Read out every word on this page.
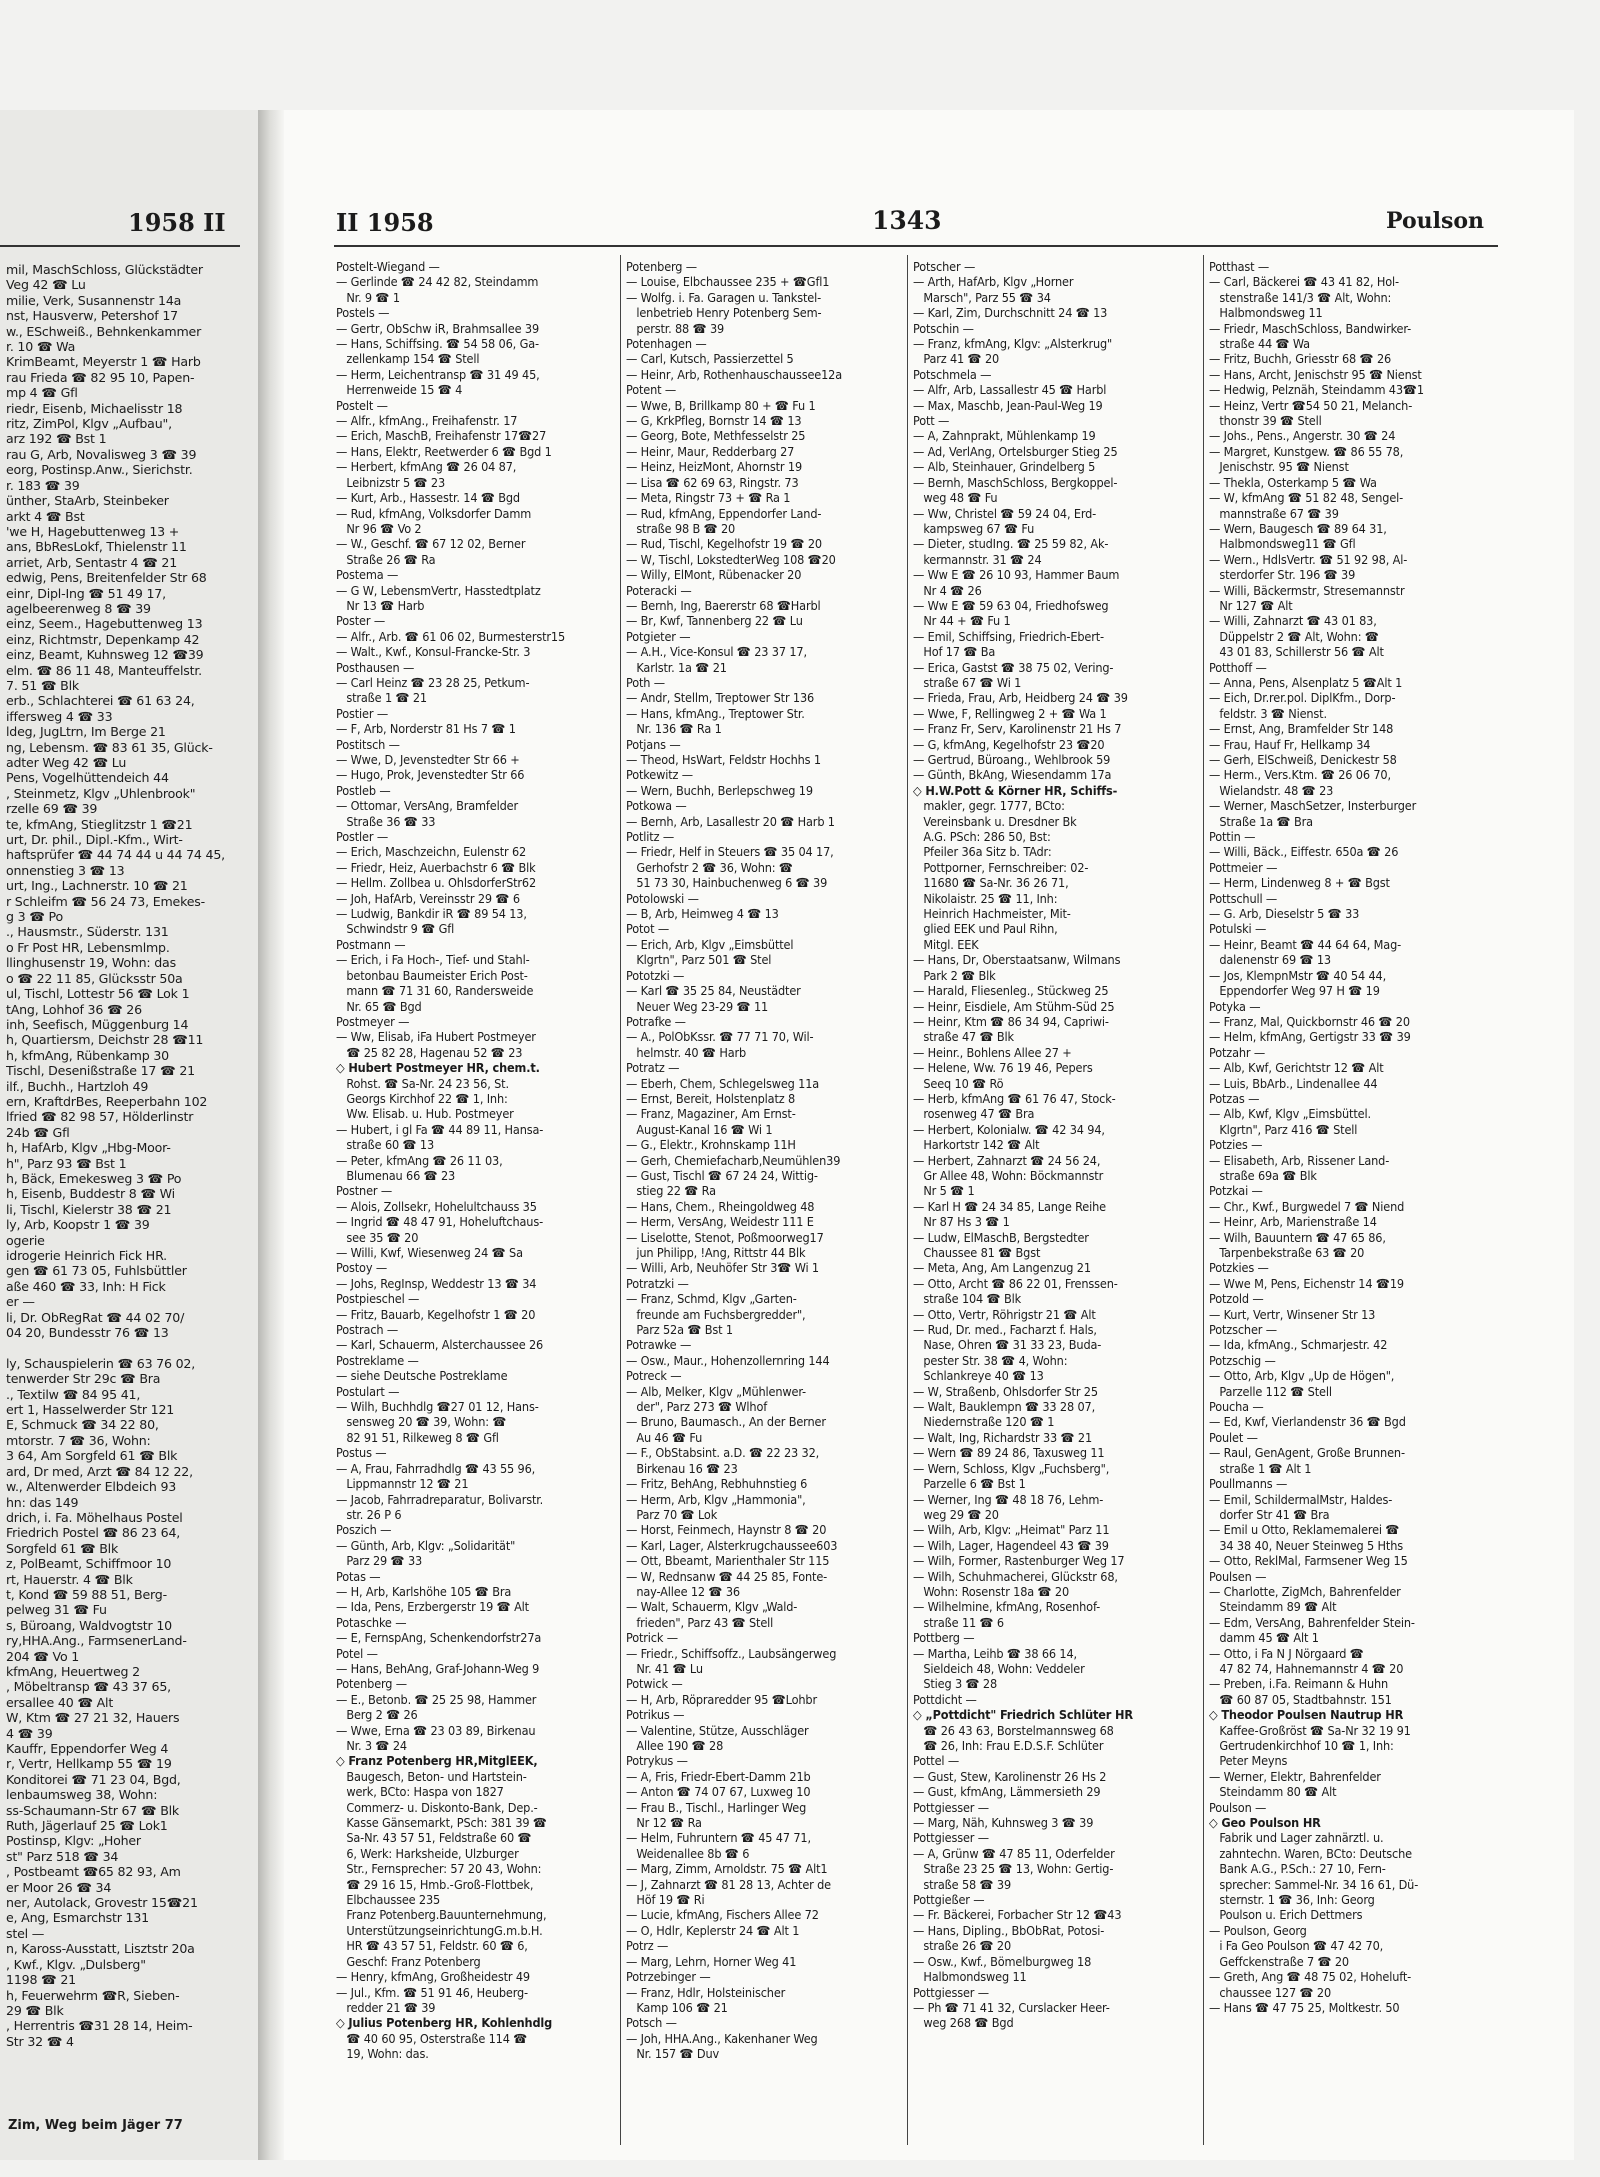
1958 II
mil, MaschSchloss, Glückstädter
Veg 42 ☎ Lu
milie, Verk, Susannenstr 14a
nst, Hausverw, Petershof 17
w., ESchweiß., Behnkenkammer
r. 10 ☎ Wa
KrimBeamt, Meyerstr 1 ☎ Harb
rau Frieda ☎ 82 95 10, Papen-
mp 4 ☎ Gfl
riedr, Eisenb, Michaelisstr 18
ritz, ZimPol, Klgv „Aufbau",
arz 192 ☎ Bst 1
rau G, Arb, Novalisweg 3 ☎ 39
eorg, Postinsp.Anw., Sierichstr.
r. 183 ☎ 39
ünther, StaArb, Steinbeker
arkt 4 ☎ Bst
'we H, Hagebuttenweg 13 +
ans, BbResLokf, Thielenstr 11
arriet, Arb, Sentastr 4 ☎ 21
edwig, Pens, Breitenfelder Str 68
einr, Dipl-Ing ☎ 51 49 17,
agelbeerenweg 8 ☎ 39
einz, Seem., Hagebuttenweg 13
einz, Richtmstr, Depenkamp 42
einz, Beamt, Kuhnsweg 12 ☎39
elm. ☎ 86 11 48, Manteuffelstr.
7. 51 ☎ Blk
erb., Schlachterei ☎ 61 63 24,
ifferswеg 4 ☎ 33
ldeg, JugLtrn, Im Berge 21
ng, Lebensm. ☎ 83 61 35, Glück-
adter Weg 42 ☎ Lu
Pens, Vogelhüttendeich 44
, Steinmetz, Klgv „Uhlenbrook"
rzelle 69 ☎ 39
te, kfmAng, Stieglitzstr 1 ☎21
urt, Dr. phil., Dipl.-Kfm., Wirt-
haftsprüfer ☎ 44 74 44 u 44 74 45,
onnenstieg 3 ☎ 13
urt, Ing., Lachnerstr. 10 ☎ 21
r Schleifm ☎ 56 24 73, Emekes-
g 3 ☎ Po
., Hausmstr., Süderstr. 131
o Fr Post HR, Lebensmlmp.
llinghusenstr 19, Wohn: das
o ☎ 22 11 85, Glücksstr 50a
ul, Tischl, Lottestr 56 ☎ Lok 1
tAng, Lohhof 36 ☎ 26
inh, Seefisch, Müggenburg 14
h, Quartiersm, Deichstr 28 ☎11
h, kfmAng, Rübenkamp 30
Tischl, Desenißstraße 17 ☎ 21
ilf., Buchh., Hartzloh 49
ern, KraftdrBes, Reeperbahn 102
lfried ☎ 82 98 57, Hölderlinstr
24b ☎ Gfl
h, HafArb, Klgv „Hbg-Moor-
h", Parz 93 ☎ Bst 1
h, Bäck, Emekesweg 3 ☎ Po
h, Eisenb, Buddestr 8 ☎ Wi
li, Tischl, Kielerstr 38 ☎ 21
ly, Arb, Koopstr 1 ☎ 39
ogerie
idrogerie Heinrich Fick HR.
gen ☎ 61 73 05, Fuhlsbüttler
aße 460 ☎ 33, Inh: H Fick
er —
li, Dr. ObRegRat ☎ 44 02 70/
04 20, Bundesstr 76 ☎ 13

ly, Schauspielerin ☎ 63 76 02,
tenwerder Str 29c ☎ Bra
., Textilw ☎ 84 95 41,
ert 1, Hasselwerder Str 121
E, Schmuck ☎ 34 22 80,
mtorstr. 7 ☎ 36, Wohn:
3 64, Am Sorgfeld 61 ☎ Blk
ard, Dr med, Arzt ☎ 84 12 22,
w., Altenwerder Elbdeich 93
hn: das 149
drich, i. Fa. Möhelhaus Postel
Friedrich Postel ☎ 86 23 64,
Sorgfeld 61 ☎ Blk
z, PolBeamt, Schiffmoor 10
rt, Hauerstr. 4 ☎ Blk
t, Kond ☎ 59 88 51, Berg-
pelweg 31 ☎ Fu
s, Büroang, Waldvogtstr 10
ry,HHA.Ang., FarmsenerLand-
204 ☎ Vo 1
kfmAng, Heuertweg 2
, Möbeltransp ☎ 43 37 65,
ersallee 40 ☎ Alt
W, Ktm ☎ 27 21 32, Hauers
4 ☎ 39
Kauffr, Eppendorfer Weg 4
r, Vertr, Hellkamp 55 ☎ 19
Konditorei ☎ 71 23 04, Bgd,
lenbaumsweg 38, Wohn:
ss-Schaumann-Str 67 ☎ Blk
Ruth, Jägerlauf 25 ☎ Lok1
Postinsp, Klgv: „Hoher
st" Parz 518 ☎ 34
, Postbeamt ☎65 82 93, Am
er Moor 26 ☎ 34
ner, Autolack, Grovestr 15☎21
e, Ang, Esmarchstr 131
stel —
n, Kaross-Ausstatt, Lisztstr 20a
, Kwf., Klgv. „Dulsberg"
1198 ☎ 21
h, Feuerwehrm ☎R, Sieben-
29 ☎ Blk
, Herrentris ☎31 28 14, Heim-
Str 32 ☎ 4
Zim, Weg beim Jäger 77
II 1958	1343	Poulson
Postelt-Wiegand —
— Gerlinde ☎ 24 42 82, Steindamm
Nr. 9 ☎ 1
Postels —
— Gertr, ObSchw iR, Brahmsallee 39
— Hans, Schiffsing. ☎ 54 58 06, Ga-
zellenkamp 154 ☎ Stell
— Herm, Leichentransp ☎ 31 49 45,
Herrenweide 15 ☎ 4
Postelt —
— Alfr., kfmAng., Freihafenstr. 17
— Erich, MaschB, Freihafenstr 17☎27
— Hans, Elektr, Reetwerder 6 ☎ Bgd 1
— Herbert, kfmAng ☎ 26 04 87,
Leibnizstr 5 ☎ 23
— Kurt, Arb., Hassestr. 14 ☎ Bgd
— Rud, kfmAng, Volksdorfer Damm
Nr 96 ☎ Vo 2
— W., Geschf. ☎ 67 12 02, Berner
Straße 26 ☎ Ra
Postema —
— G W, LebensmVertr, Hasstedtplatz
Nr 13 ☎ Harb
Poster —
— Alfr., Arb. ☎ 61 06 02, Burmesterstr15
— Walt., Kwf., Konsul-Francke-Str. 3
Posthausen —
— Carl Heinz ☎ 23 28 25, Petkum-
straße 1 ☎ 21
Postier —
— F, Arb, Norderstr 81 Hs 7 ☎ 1
Postitsch —
— Wwe, D, Jevenstedter Str 66 +
— Hugo, Prok, Jevenstedter Str 66
Postleb —
— Ottomar, VersAng, Bramfelder
Straße 36 ☎ 33
Postler —
— Erich, Maschzeichn, Eulenstr 62
— Friedr, Heiz, Auerbachstr 6 ☎ Blk
— Hellm. Zollbea u. OhlsdorferStr62
— Joh, HafArb, Vereinsstr 29 ☎ 6
— Ludwig, Bankdir iR ☎ 89 54 13,
Schwindstr 9 ☎ Gfl
Postmann —
— Erich, i Fa Hoch-, Tief- und Stahl-
betonbau Baumeister Erich Post-
mann ☎ 71 31 60, Randersweide
Nr. 65 ☎ Bgd
Postmeyer —
— Ww, Elisab, iFa Hubert Postmeyer
☎ 25 82 28, Hagenau 52 ☎ 23
◇ Hubert Postmeyer HR, chem.t.
Rohst. ☎ Sa-Nr. 24 23 56, St.
Georgs Kirchhof 22 ☎ 1, Inh:
Ww. Elisab. u. Hub. Postmeyer
— Hubert, i gl Fa ☎ 44 89 11, Hansa-
straße 60 ☎ 13
— Peter, kfmAng ☎ 26 11 03,
Blumenau 66 ☎ 23
Postner —
— Alois, Zollsekr, Hohelultchauss 35
— Ingrid ☎ 48 47 91, Hoheluftchaus-
see 35 ☎ 20
— Willi, Kwf, Wiesenweg 24 ☎ Sa
Postoy —
— Johs, RegInsp, Weddestr 13 ☎ 34
Postpieschel —
— Fritz, Bauarb, Kegelhofstr 1 ☎ 20
Postrach —
— Karl, Schauerm, Alsterchaussee 26
Postreklame —
— siehe Deutsche Postreklame
Postulart —
— Wilh, Buchhdlg ☎27 01 12, Hans-
sensweg 20 ☎ 39, Wohn: ☎
82 91 51, Rilkeweg 8 ☎ Gfl
Postus —
— A, Frau, Fahrradhdlg ☎ 43 55 96,
Lippmannstr 12 ☎ 21
— Jacob, Fahrradreparatur, Bolivarstr.
str. 26 P 6
Poszich —
— Günth, Arb, Klgv: „Solidarität"
Parz 29 ☎ 33
Potas —
— H, Arb, Karlshöhe 105 ☎ Bra
— Ida, Pens, Erzbergerstr 19 ☎ Alt
Potaschke —
— E, FernspAng, Schenkendorfstr27a
Potel —
— Hans, BehAng, Graf-Johann-Weg 9
Potenberg —
— E., Betonb. ☎ 25 25 98, Hammer
Berg 2 ☎ 26
— Wwe, Erna ☎ 23 03 89, Birkenau
Nr. 3 ☎ 24
◇ Franz Potenberg HR,MitglEEK,
Baugesch, Beton- und Hartstein-
werk, BCto: Haspa von 1827
Commerz- u. Diskonto-Bank, Dep.-
Kasse Gänsemarkt, PSch: 381 39 ☎
Sa-Nr. 43 57 51, Feldstraße 60 ☎
6, Werk: Harksheide, Ulzburger
Str., Fernsprecher: 57 20 43, Wohn:
☎ 29 16 15, Hmb.-Groß-Flottbek,
Elbchaussee 235
Franz Potenberg.Bauunternehmung,
UnterstützungseinrichtungG.m.b.H.
HR ☎ 43 57 51, Feldstr. 60 ☎ 6,
Geschf: Franz Potenberg
— Henry, kfmAng, Großheidestr 49
— Jul., Kfm. ☎ 51 91 46, Heuberg-
redder 21 ☎ 39
◇ Julius Potenberg HR, Kohlenhdlg
☎ 40 60 95, Osterstraße 114 ☎
19, Wohn: das.
Potenberg —
— Louise, Elbchaussee 235 + ☎Gfl1
— Wolfg. i. Fa. Garagen u. Tankstel-
lenbetrieb Henry Potenberg Sem-
perstr. 88 ☎ 39
Potenhagen —
— Carl, Kutsch, Passierzettel 5
— Heinr, Arb, Rothenhauschaussee12a
Potent —
— Wwe, B, Brillkamp 80 + ☎ Fu 1
— G, KrkPfleg, Bornstr 14 ☎ 13
— Georg, Bote, Methfesselstr 25
— Heinr, Maur, Redderbarg 27
— Heinz, HeizMont, Ahornstr 19
— Lisa ☎ 62 69 63, Ringstr. 73
— Meta, Ringstr 73 + ☎ Ra 1
— Rud, kfmAng, Eppendorfer Land-
straße 98 B ☎ 20
— Rud, Tischl, Kegelhofstr 19 ☎ 20
— W, Tischl, LokstedterWeg 108 ☎20
— Willy, ElMont, Rübenacker 20
Poteracki —
— Bernh, Ing, Baererstr 68 ☎Harbl
— Br, Kwf, Tannenberg 22 ☎ Lu
Potgieter —
— A.H., Vice-Konsul ☎ 23 37 17,
Karlstr. 1a ☎ 21
Poth —
— Andr, Stellm, Treptower Str 136
— Hans, kfmAng., Treptower Str.
Nr. 136 ☎ Ra 1
Potjans —
— Theod, HsWart, Feldstr Hochhs 1
Potkewitz —
— Wern, Buchh, Berlepschweg 19
Potkowa —
— Bernh, Arb, Lasallestr 20 ☎ Harb 1
Potlitz —
— Friedr, Helf in Steuers ☎ 35 04 17,
Gerhofstr 2 ☎ 36, Wohn: ☎
51 73 30, Hainbuchenweg 6 ☎ 39
Potolowski —
— B, Arb, Heimweg 4 ☎ 13
Potot —
— Erich, Arb, Klgv „Eimsbüttel
Klgrtn", Parz 501 ☎ Stel
Pototzki —
— Karl ☎ 35 25 84, Neustädter
Neuer Weg 23-29 ☎ 11
Potrafke —
— A., PolObKssr. ☎ 77 71 70, Wil-
helmstr. 40 ☎ Harb
Potratz —
— Eberh, Chem, Schlegelsweg 11a
— Ernst, Bereit, Holstenplatz 8
— Franz, Magaziner, Am Ernst-
August-Kanal 16 ☎ Wi 1
— G., Elektr., Krohnskamp 11H
— Gerh, Chemiefacharb,Neumühlen39
— Gust, Tischl ☎ 67 24 24, Wittig-
stieg 22 ☎ Ra
— Hans, Chem., Rheingoldweg 48
— Herm, VersAng, Weidestr 111 E
— Liselotte, Stenot, Poßmoorweg17
jun Philipp, !Ang, Rittstr 44 Blk
— Willi, Arb, Neuhöfer Str 3☎ Wi 1
Potratzki —
— Franz, Schmd, Klgv „Garten-
freunde am Fuchsbergredder",
Parz 52a ☎ Bst 1
Potrawke —
— Osw., Maur., Hohenzollernring 144
Potreck —
— Alb, Melker, Klgv „Mühlenwer-
der", Parz 273 ☎ Wlhof
— Bruno, Baumasch., An der Berner
Au 46 ☎ Fu
— F., ObStabsint. a.D. ☎ 22 23 32,
Birkenau 16 ☎ 23
— Fritz, BehAng, Rebhuhnstieg 6
— Herm, Arb, Klgv „Hammonia",
Parz 70 ☎ Lok
— Horst, Feinmech, Haynstr 8 ☎ 20
— Karl, Lager, Alsterkrugchaussee603
— Ott, Bbeamt, Marienthaler Str 115
— W, Rednsanw ☎ 44 25 85, Fonte-
nay-Allee 12 ☎ 36
— Walt, Schauerm, Klgv „Wald-
frieden", Parz 43 ☎ Stell
Potrick —
— Friedr., Schiffsoffz., Laubsängerweg
Nr. 41 ☎ Lu
Potwick —
— H, Arb, Röpraredder 95 ☎Lohbr
Potrikus —
— Valentine, Stütze, Ausschläger
Allee 190 ☎ 28
Potrykus —
— A, Fris, Friedr-Ebert-Damm 21b
— Anton ☎ 74 07 67, Luxweg 10
— Frau B., Tischl., Harlinger Weg
Nr 12 ☎ Ra
— Helm, Fuhruntern ☎ 45 47 71,
Weidenallee 8b ☎ 6
— Marg, Zimm, Arnoldstr. 75 ☎ Alt1
— J, Zahnarzt ☎ 81 28 13, Achter de
Höf 19 ☎ Ri
— Lucie, kfmAng, Fischers Allee 72
— O, Hdlr, Keplerstr 24 ☎ Alt 1
Potrz —
— Marg, Lehrn, Horner Weg 41
Potrzebinger —
— Franz, Hdlr, Holsteinischer
Kamp 106 ☎ 21
Potsch —
— Joh, HHA.Ang., Kakenhaner Weg
Nr. 157 ☎ Duv
Potscher —
— Arth, HafArb, Klgv „Horner
Marsch", Parz 55 ☎ 34
— Karl, Zim, Durchschnitt 24 ☎ 13
Potschin —
— Franz, kfmAng, Klgv: „Alsterkrug"
Parz 41 ☎ 20
Potschmela —
— Alfr, Arb, Lassallestr 45 ☎ Harbl
— Max, Maschb, Jean-Paul-Weg 19
Pott —
— A, Zahnprakt, Mühlenkamp 19
— Ad, VerlAng, Ortelsburger Stieg 25
— Alb, Steinhauer, Grindelberg 5
— Bernh, MaschSchloss, Bergkoppel-
weg 48 ☎ Fu
— Ww, Christel ☎ 59 24 04, Erd-
kampsweg 67 ☎ Fu
— Dieter, studIng. ☎ 25 59 82, Ak-
kermannstr. 31 ☎ 24
— Ww E ☎ 26 10 93, Hammer Baum
Nr 4 ☎ 26
— Ww E ☎ 59 63 04, Friedhofsweg
Nr 44 + ☎ Fu 1
— Emil, Schiffsing, Friedrich-Ebert-
Hof 17 ☎ Ba
— Erica, Gastst ☎ 38 75 02, Vering-
straße 67 ☎ Wi 1
— Frieda, Frau, Arb, Heidberg 24 ☎ 39
— Wwe, F, Rellingweg 2 + ☎ Wa 1
— Franz Fr, Serv, Karolinenstr 21 Hs 7
— G, kfmAng, Kegelhofstr 23 ☎20
— Gertrud, Büroang., Wehlbrook 59
— Günth, BkAng, Wiesendamm 17a
◇ H.W.Pott & Körner HR, Schiffs-
makler, gegr. 1777, BCto:
Vereinsbank u. Dresdner Bk
A.G. PSch: 286 50, Bst:
Pfeiler 36a Sitz b. TAdr:
Pottporner, Fernschreiber: 02-
11680 ☎ Sa-Nr. 36 26 71,
Nikolaistr. 25 ☎ 11, Inh:
Heinrich Hachmeister, Mit-
glied EEK und Paul Rihn,
Mitgl. EEK
— Hans, Dr, Oberstaatsanw, Wilmans
Park 2 ☎ Blk
— Harald, Fliesenleg., Stückweg 25
— Heinr, Eisdiele, Am Stühm-Süd 25
— Heinr, Ktm ☎ 86 34 94, Capriwi-
straße 47 ☎ Blk
— Heinr., Bohlens Allee 27 +
— Helene, Ww. 76 19 46, Pepers
Seeq 10 ☎ Rö
— Herb, kfmAng ☎ 61 76 47, Stock-
rosenweg 47 ☎ Bra
— Herbert, Kolonialw. ☎ 42 34 94,
Harkortstr 142 ☎ Alt
— Herbert, Zahnarzt ☎ 24 56 24,
Gr Allee 48, Wohn: Böckmannstr
Nr 5 ☎ 1
— Karl H ☎ 24 34 85, Lange Reihe
Nr 87 Hs 3 ☎ 1
— Ludw, ElMaschB, Bergstedter
Chaussee 81 ☎ Bgst
— Meta, Ang, Am Langenzug 21
— Otto, Archt ☎ 86 22 01, Frenssen-
straße 104 ☎ Blk
— Otto, Vertr, Röhrigstr 21 ☎ Alt
— Rud, Dr. med., Facharzt f. Hals,
Nase, Ohren ☎ 31 33 23, Buda-
pester Str. 38 ☎ 4, Wohn:
Schlankreye 40 ☎ 13
— W, Straßenb, Ohlsdorfer Str 25
— Walt, Bauklempn ☎ 33 28 07,
Niedernstraße 120 ☎ 1
— Walt, Ing, Richardstr 33 ☎ 21
— Wern ☎ 89 24 86, Taxusweg 11
— Wern, Schloss, Klgv „Fuchsberg",
Parzelle 6 ☎ Bst 1
— Werner, Ing ☎ 48 18 76, Lehm-
weg 29 ☎ 20
— Wilh, Arb, Klgv: „Heimat" Parz 11
— Wilh, Lager, Hagendeel 43 ☎ 39
— Wilh, Former, Rastenburger Weg 17
— Wilh, Schuhmacherei, Glückstr 68,
Wohn: Rosenstr 18a ☎ 20
— Wilhelmine, kfmAng, Rosenhof-
straße 11 ☎ 6
Pottberg —
— Martha, Leihb ☎ 38 66 14,
Sieldeich 48, Wohn: Veddeler
Stieg 3 ☎ 28
Pottdicht —
◇ „Pottdicht" Friedrich Schlüter HR
☎ 26 43 63, Borstelmannsweg 68
☎ 26, Inh: Frau E.D.S.F. Schlüter
Pottel —
— Gust, Stew, Karolinenstr 26 Hs 2
— Gust, kfmAng, Lämmersieth 29
Pottgiesser —
— Marg, Näh, Kuhnsweg 3 ☎ 39
Pottgiesser —
— A, Grünw ☎ 47 85 11, Oderfelder
Straße 23 25 ☎ 13, Wohn: Gertig-
straße 58 ☎ 39
Pottgießer —
— Fr. Bäckerei, Forbacher Str 12 ☎43
— Hans, Dipling., BbObRat, Potosi-
straße 26 ☎ 20
— Osw., Kwf., Bömelburgweg 18
Halbmondsweg 11
Pottgiesser —
— Ph ☎ 71 41 32, Curslacker Heer-
weg 268 ☎ Bgd
Potthast —
— Carl, Bäckerei ☎ 43 41 82, Hol-
stenstraße 141/3 ☎ Alt, Wohn:
Halbmondsweg 11
— Friedr, MaschSchloss, Bandwirker-
straße 44 ☎ Wa
— Fritz, Buchh, Griesstr 68 ☎ 26
— Hans, Archt, Jenischstr 95 ☎ Nienst
— Hedwig, Pelznäh, Steindamm 43☎1
— Heinz, Vertr ☎54 50 21, Melanch-
thonstr 39 ☎ Stell
— Johs., Pens., Angerstr. 30 ☎ 24
— Margret, Kunstgew. ☎ 86 55 78,
Jenischstr. 95 ☎ Nienst
— Thekla, Osterkamp 5 ☎ Wa
— W, kfmAng ☎ 51 82 48, Sengel-
mannstraße 67 ☎ 39
— Wern, Baugesch ☎ 89 64 31,
Halbmondsweg11 ☎ Gfl
— Wern., HdlsVertr. ☎ 51 92 98, Al-
sterdorfer Str. 196 ☎ 39
— Willi, Bäckermstr, Stresemannstr
Nr 127 ☎ Alt
— Willi, Zahnarzt ☎ 43 01 83,
Düppelstr 2 ☎ Alt, Wohn: ☎
43 01 83, Schillerstr 56 ☎ Alt
Potthoff —
— Anna, Pens, Alsenplatz 5 ☎Alt 1
— Eich, Dr.rer.pol. DiplKfm., Dorp-
feldstr. 3 ☎ Nienst.
— Ernst, Ang, Bramfelder Str 148
— Frau, Hauf Fr, Hellkamp 34
— Gerh, ElSchweiß, Denickestr 58
— Herm., Vers.Ktm. ☎ 26 06 70,
Wielandstr. 48 ☎ 23
— Werner, MaschSetzer, Insterburger
Straße 1a ☎ Bra
Pottin —
— Willi, Bäck., Eiffestr. 650a ☎ 26
Pottmeier —
— Herm, Lindenweg 8 + ☎ Bgst
Pottschull —
— G. Arb, Dieselstr 5 ☎ 33
Potulski —
— Heinr, Beamt ☎ 44 64 64, Mag-
dalenenstr 69 ☎ 13
— Jos, KlempnMstr ☎ 40 54 44,
Eppendorfer Weg 97 H ☎ 19
Potyka —
— Franz, Mal, Quickbornstr 46 ☎ 20
— Helm, kfmAng, Gertigstr 33 ☎ 39
Potzahr —
— Alb, Kwf, Gerichtstr 12 ☎ Alt
— Luis, BbArb., Lindenallee 44
Potzas —
— Alb, Kwf, Klgv „Eimsbüttel.
Klgrtn", Parz 416 ☎ Stell
Potzies —
— Elisabeth, Arb, Rissener Land-
straße 69a ☎ Blk
Potzkai —
— Chr., Kwf., Burgwedel 7 ☎ Niend
— Heinr, Arb, Marienstraße 14
— Wilh, Bauuntern ☎ 47 65 86,
Tarpenbekstraße 63 ☎ 20
Potzkies —
— Wwe M, Pens, Eichenstr 14 ☎19
Potzold —
— Kurt, Vertr, Winsener Str 13
Potzscher —
— Ida, kfmAng., Schmarjestr. 42
Potzschig —
— Otto, Arb, Klgv „Up de Högen",
Parzelle 112 ☎ Stell
Poucha —
— Ed, Kwf, Vierlandenstr 36 ☎ Bgd
Poulet —
— Raul, GenAgent, Große Brunnen-
straße 1 ☎ Alt 1
Poullmanns —
— Emil, SchildermalMstr, Haldes-
dorfer Str 41 ☎ Bra
— Emil u Otto, Reklamemalerei ☎
34 38 40, Neuer Steinweg 5 Hths
— Otto, ReklMal, Farmsener Weg 15
Poulsen —
— Charlotte, ZigMch, Bahrenfelder
Steindamm 89 ☎ Alt
— Edm, VersAng, Bahrenfelder Stein-
damm 45 ☎ Alt 1
— Otto, i Fa N J Nörgaard ☎
47 82 74, Hahnemannstr 4 ☎ 20
— Preben, i.Fa. Reimann & Huhn
☎ 60 87 05, Stadtbahnstr. 151
◇ Theodor Poulsen Nautrup HR
Kaffee-Großröst ☎ Sa-Nr 32 19 91
Gertrudenkirchhof 10 ☎ 1, Inh:
Peter Meyns
— Werner, Elektr, Bahrenfelder
Steindamm 80 ☎ Alt
Poulson —
◇ Geo Poulson HR
Fabrik und Lager zahnärztl. u.
zahntechn. Waren, BCto: Deutsche
Bank A.G., P.Sch.: 27 10, Fern-
sprecher: Sammel-Nr. 34 16 61, Dü-
sternstr. 1 ☎ 36, Inh: Georg
Poulson u. Erich Dettmers
— Poulson, Georg
i Fa Geo Poulson ☎ 47 42 70,
Geffckenstraße 7 ☎ 20
— Greth, Ang ☎ 48 75 02, Hoheluft-
chaussee 127 ☎ 20
— Hans ☎ 47 75 25, Moltkestr. 50
